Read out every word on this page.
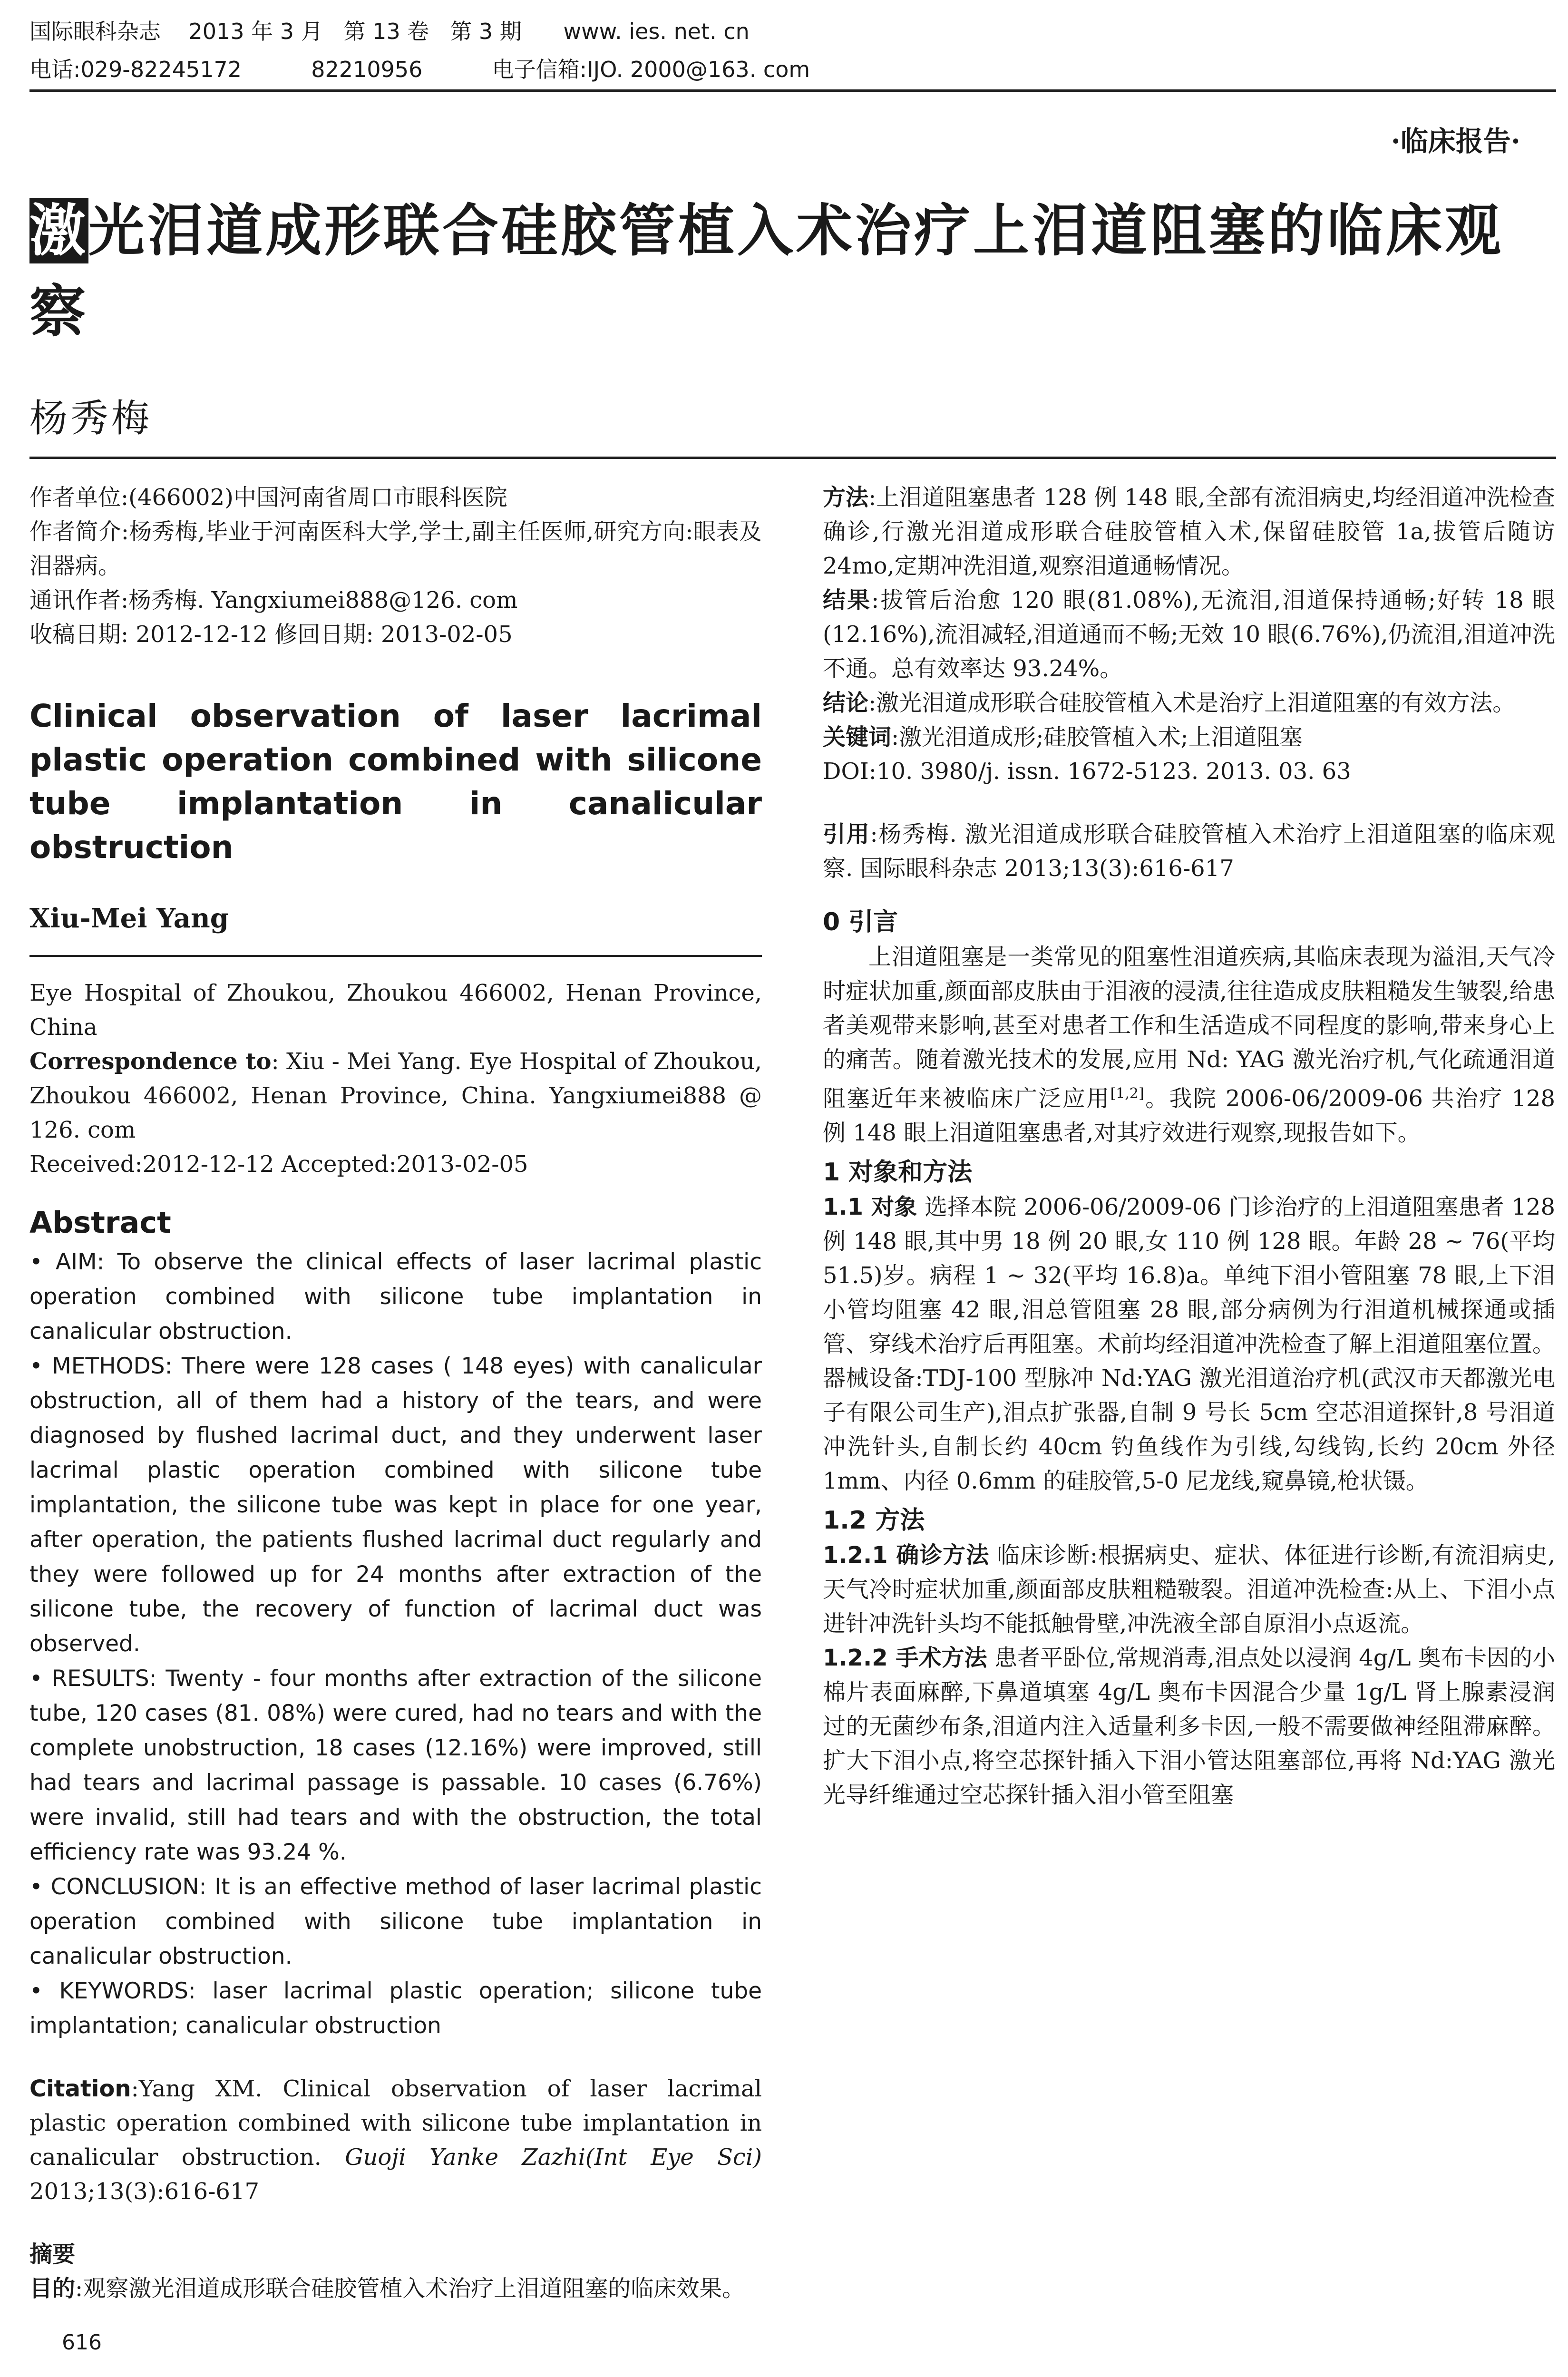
国际眼科杂志    2013 年 3 月   第 13 卷   第 3 期      www. ies. net. cn
电话:029-82245172          82210956          电子信箱:IJO. 2000@163. com
·临床报告·
激光泪道成形联合硅胶管植入术治疗上泪道阻塞的临床观察
杨秀梅

作者单位:(466002)中国河南省周口市眼科医院

作者简介:杨秀梅,毕业于河南医科大学,学士,副主任医师,研究方向:眼表及泪器病。

通讯作者:杨秀梅. Yangxiumei888@126. com

收稿日期: 2012-12-12 修回日期: 2013-02-05

Clinical observation of laser lacrimal plastic operation combined with silicone tube implantation in canalicular obstruction

Xiu-Mei Yang

Eye Hospital of Zhoukou, Zhoukou 466002, Henan Province, China

Correspondence to: Xiu - Mei Yang. Eye Hospital of Zhoukou, Zhoukou 466002, Henan Province, China. Yangxiumei888 @ 126. com

Received:2012-12-12 Accepted:2013-02-05

Abstract

• AIM: To observe the clinical effects of laser lacrimal plastic operation combined with silicone tube implantation in canalicular obstruction.

• METHODS: There were 128 cases ( 148 eyes) with canalicular obstruction, all of them had a history of the tears, and were diagnosed by flushed lacrimal duct, and they underwent laser lacrimal plastic operation combined with silicone tube implantation, the silicone tube was kept in place for one year, after operation, the patients flushed lacrimal duct regularly and they were followed up for 24 months after extraction of the silicone tube, the recovery of function of lacrimal duct was observed.

• RESULTS: Twenty - four months after extraction of the silicone tube, 120 cases (81. 08%) were cured, had no tears and with the complete unobstruction, 18 cases (12.16%) were improved, still had tears and lacrimal passage is passable. 10 cases (6.76%) were invalid, still had tears and with the obstruction, the total efficiency rate was 93.24 %.

• CONCLUSION: It is an effective method of laser lacrimal plastic operation combined with silicone tube implantation in canalicular obstruction.

• KEYWORDS: laser lacrimal plastic operation; silicone tube implantation; canalicular obstruction

Citation:Yang XM. Clinical observation of laser lacrimal plastic operation combined with silicone tube implantation in canalicular obstruction. Guoji Yanke Zazhi(Int Eye Sci) 2013;13(3):616-617

摘要

目的:观察激光泪道成形联合硅胶管植入术治疗上泪道阻塞的临床效果。

方法:上泪道阻塞患者 128 例 148 眼,全部有流泪病史,均经泪道冲洗检查确诊,行激光泪道成形联合硅胶管植入术,保留硅胶管 1a,拔管后随访 24mo,定期冲洗泪道,观察泪道通畅情况。

结果:拔管后治愈 120 眼(81.08%),无流泪,泪道保持通畅;好转 18 眼(12.16%),流泪减轻,泪道通而不畅;无效 10 眼(6.76%),仍流泪,泪道冲洗不通。总有效率达 93.24%。

结论:激光泪道成形联合硅胶管植入术是治疗上泪道阻塞的有效方法。

关键词:激光泪道成形;硅胶管植入术;上泪道阻塞

DOI:10. 3980/j. issn. 1672-5123. 2013. 03. 63

引用:杨秀梅. 激光泪道成形联合硅胶管植入术治疗上泪道阻塞的临床观察. 国际眼科杂志 2013;13(3):616-617

0 引言

上泪道阻塞是一类常见的阻塞性泪道疾病,其临床表现为溢泪,天气冷时症状加重,颜面部皮肤由于泪液的浸渍,往往造成皮肤粗糙发生皱裂,给患者美观带来影响,甚至对患者工作和生活造成不同程度的影响,带来身心上的痛苦。随着激光技术的发展,应用 Nd: YAG 激光治疗机,气化疏通泪道阻塞近年来被临床广泛应用[1,2]。我院 2006-06/2009-06 共治疗 128 例 148 眼上泪道阻塞患者,对其疗效进行观察,现报告如下。

1 对象和方法

1.1 对象 选择本院 2006-06/2009-06 门诊治疗的上泪道阻塞患者 128 例 148 眼,其中男 18 例 20 眼,女 110 例 128 眼。年龄 28 ~ 76(平均 51.5)岁。病程 1 ~ 32(平均 16.8)a。单纯下泪小管阻塞 78 眼,上下泪小管均阻塞 42 眼,泪总管阻塞 28 眼,部分病例为行泪道机械探通或插管、穿线术治疗后再阻塞。术前均经泪道冲洗检查了解上泪道阻塞位置。器械设备:TDJ-100 型脉冲 Nd:YAG 激光泪道治疗机(武汉市天都激光电子有限公司生产),泪点扩张器,自制 9 号长 5cm 空芯泪道探针,8 号泪道冲洗针头,自制长约 40cm 钓鱼线作为引线,勾线钩,长约 20cm 外径 1mm、内径 0.6mm 的硅胶管,5-0 尼龙线,窥鼻镜,枪状镊。

1.2 方法

1.2.1 确诊方法 临床诊断:根据病史、症状、体征进行诊断,有流泪病史,天气冷时症状加重,颜面部皮肤粗糙皲裂。泪道冲洗检查:从上、下泪小点进针冲洗针头均不能抵触骨壁,冲洗液全部自原泪小点返流。

1.2.2 手术方法 患者平卧位,常规消毒,泪点处以浸润 4g/L 奥布卡因的小棉片表面麻醉,下鼻道填塞 4g/L 奥布卡因混合少量 1g/L 肾上腺素浸润过的无菌纱布条,泪道内注入适量利多卡因,一般不需要做神经阻滞麻醉。扩大下泪小点,将空芯探针插入下泪小管达阻塞部位,再将 Nd:YAG 激光光导纤维通过空芯探针插入泪小管至阻塞

616
